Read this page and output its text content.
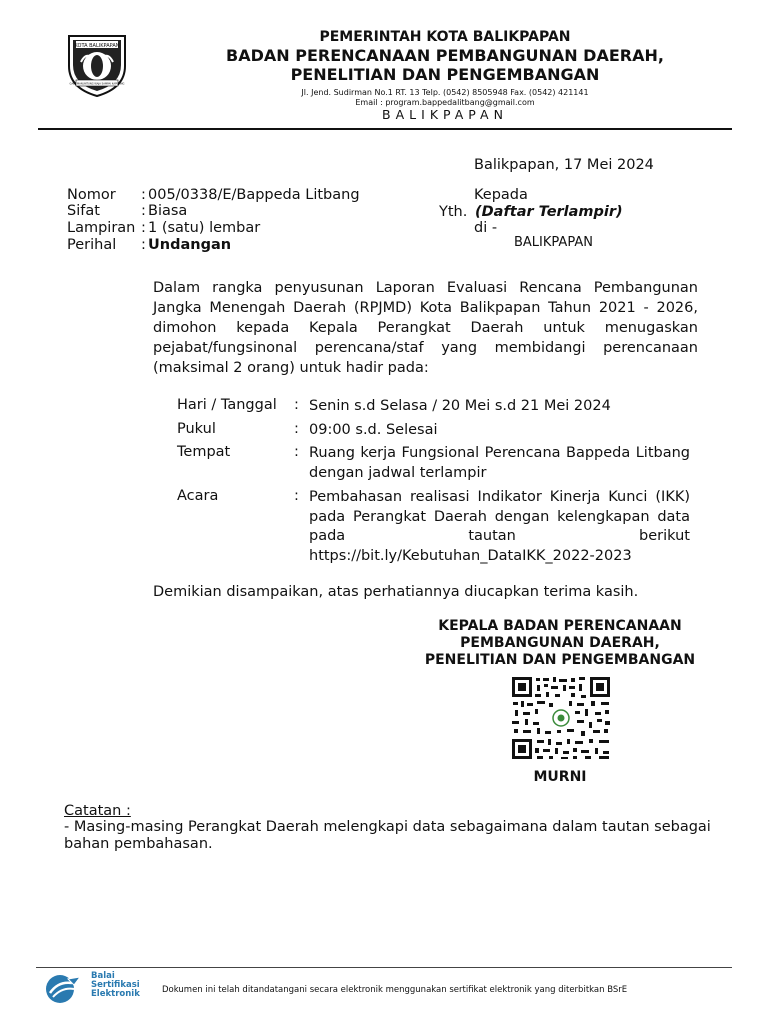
KOTA BALIKPAPAN
GAWI MANUNTUNG WAJA SAMPAI KAPUTING
PEMERINTAH KOTA BALIKPAPAN
BADAN PERENCANAAN PEMBANGUNAN DAERAH,
PENELITIAN DAN PENGEMBANGAN
Jl. Jend. Sudirman No.1 RT. 13 Telp. (0542) 8505948 Fax. (0542) 421141
Email : program.bappedalitbang@gmail.com
BALIKPAPAN
Balikpapan, 17 Mei 2024
Nomor : 005/0338/E/Bappeda Litbang
Sifat	: Biasa
Lampiran : 1 (satu) lembar
Perihal : Undangan
Kepada
Yth. (Daftar Terlampir)
di -
BALIKPAPAN
Dalam rangka penyusunan Laporan Evaluasi Rencana Pembangunan Jangka Menengah Daerah (RPJMD) Kota Balikpapan Tahun 2021 - 2026, dimohon kepada Kepala Perangkat Daerah untuk menugaskan pejabat/fungsinonal perencana/staf yang membidangi perencanaan (maksimal 2 orang) untuk hadir pada:
Hari / Tanggal : Senin s.d Selasa / 20 Mei s.d 21 Mei 2024
Pukul	: 09:00 s.d. Selesai
Tempat	: Ruang kerja Fungsional Perencana Bappeda Litbang dengan jadwal terlampir
Acara	: Pembahasan realisasi Indikator Kinerja Kunci (IKK) pada Perangkat Daerah dengan kelengkapan data pada tautan berikut https://bit.ly/Kebutuhan_DataIKK_2022-2023
Demikian disampaikan, atas perhatiannya diucapkan terima kasih.
KEPALA BADAN PERENCANAAN
PEMBANGUNAN DAERAH,
PENELITIAN DAN PENGEMBANGAN
MURNI
Catatan :
- Masing-masing Perangkat Daerah melengkapi data sebagaimana dalam tautan sebagai bahan pembahasan.
Balai
Sertifikasi
Elektronik	Dokumen ini telah ditandatangani secara elektronik menggunakan sertifikat elektronik yang diterbitkan BSrE
